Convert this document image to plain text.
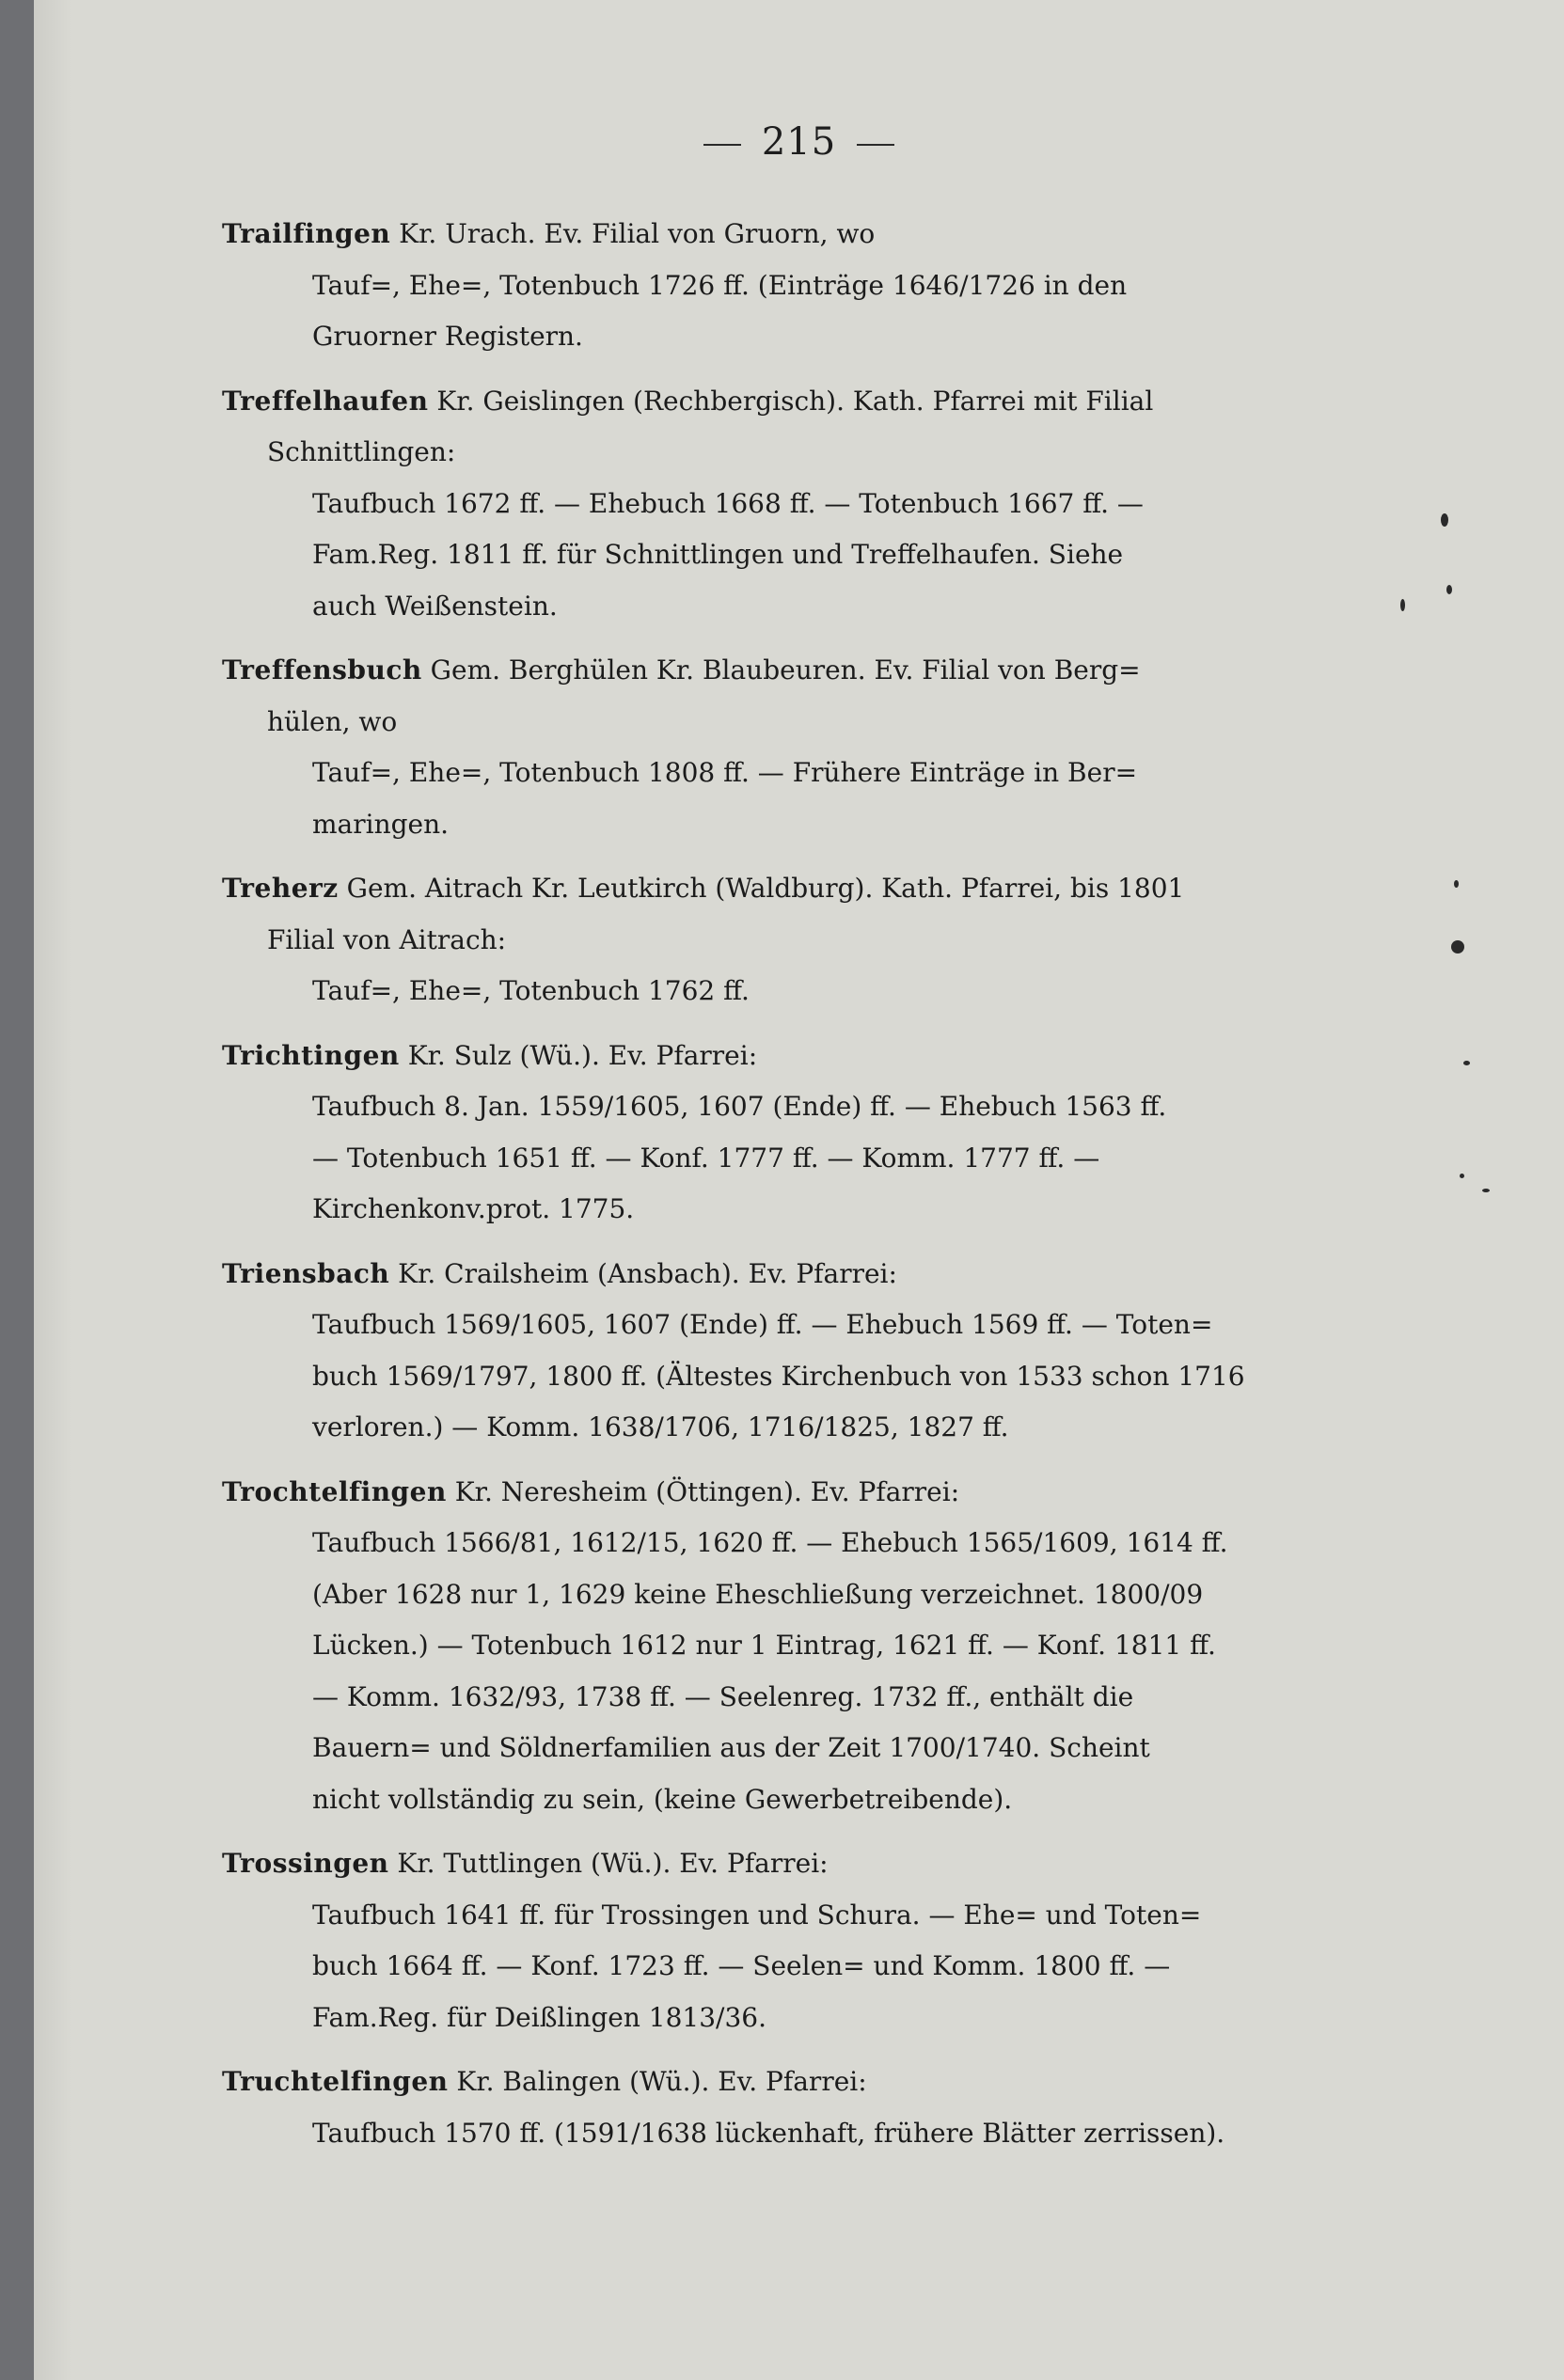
215
Trailfingen Kr. Urach. Ev. Filial von Gruorn, wo
Tauf=, Ehe=, Totenbuch 1726 ff. (Einträge 1646/1726 in den
Gruorner Registern.
Treffelhaufen Kr. Geislingen (Rechbergisch). Kath. Pfarrei mit Filial
Schnittlingen:
Taufbuch 1672 ff. — Ehebuch 1668 ff. — Totenbuch 1667 ff. —
Fam.Reg. 1811 ff. für Schnittlingen und Treffelhaufen. Siehe
auch Weißenstein.
Treffensbuch Gem. Berghülen Kr. Blaubeuren. Ev. Filial von Berg=
hülen, wo
Tauf=, Ehe=, Totenbuch 1808 ff. — Frühere Einträge in Ber=
maringen.
Treherz Gem. Aitrach Kr. Leutkirch (Waldburg). Kath. Pfarrei, bis 1801
Filial von Aitrach:
Tauf=, Ehe=, Totenbuch 1762 ff.
Trichtingen Kr. Sulz (Wü.). Ev. Pfarrei:
Taufbuch 8. Jan. 1559/1605, 1607 (Ende) ff. — Ehebuch 1563 ff.
— Totenbuch 1651 ff. — Konf. 1777 ff. — Komm. 1777 ff. —
Kirchenkonv.prot. 1775.
Triensbach Kr. Crailsheim (Ansbach). Ev. Pfarrei:
Taufbuch 1569/1605, 1607 (Ende) ff. — Ehebuch 1569 ff. — Toten=
buch 1569/1797, 1800 ff. (Ältestes Kirchenbuch von 1533 schon 1716
verloren.) — Komm. 1638/1706, 1716/1825, 1827 ff.
Trochtelfingen Kr. Neresheim (Öttingen). Ev. Pfarrei:
Taufbuch 1566/81, 1612/15, 1620 ff. — Ehebuch 1565/1609, 1614 ff.
(Aber 1628 nur 1, 1629 keine Eheschließung verzeichnet. 1800/09
Lücken.) — Totenbuch 1612 nur 1 Eintrag, 1621 ff. — Konf. 1811 ff.
— Komm. 1632/93, 1738 ff. — Seelenreg. 1732 ff., enthält die
Bauern= und Söldnerfamilien aus der Zeit 1700/1740. Scheint
nicht vollständig zu sein, (keine Gewerbetreibende).
Trossingen Kr. Tuttlingen (Wü.). Ev. Pfarrei:
Taufbuch 1641 ff. für Trossingen und Schura. — Ehe= und Toten=
buch 1664 ff. — Konf. 1723 ff. — Seelen= und Komm. 1800 ff. —
Fam.Reg. für Deißlingen 1813/36.
Truchtelfingen Kr. Balingen (Wü.). Ev. Pfarrei:
Taufbuch 1570 ff. (1591/1638 lückenhaft, frühere Blätter zerrissen).
